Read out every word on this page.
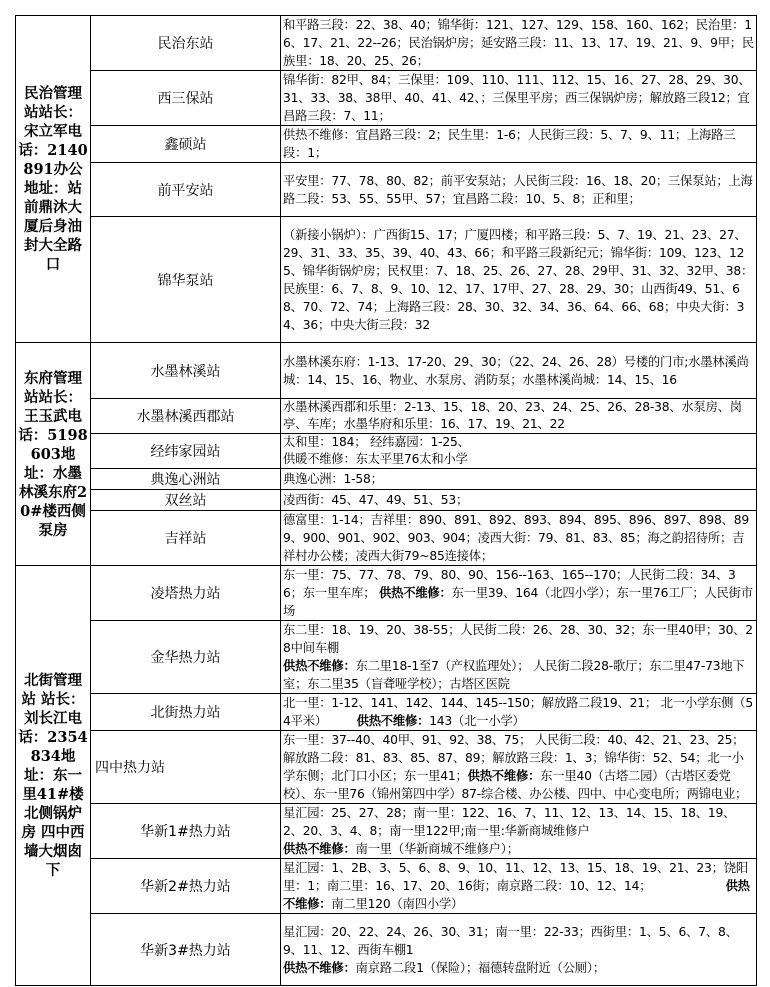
民治管理站站长：宋立军电话：2140891办公地址：站前鼎沐大厦后身油封大全路口	民治东站	和平路三段：22、38、40；锦华街：121、127、129、158、160、162；民治里：16、17、21、22--26；民治锅炉房；延安路三段：11、13、17、19、21、9、9甲；民族里：18、20、25、26；
	西三保站	锦华街：82甲、84；三保里：109、110、111、112、15、16、27、28、29、30、31、33、38、38甲、40、41、42、；三保里平房；西三保锅炉房；解放路三段12；宜昌路三段：7、11；
	鑫硕站	供热不维修：宜昌路三段：2；民生里：1-6；人民街三段：5、7、9、11；上海路三段：1；
	前平安站	平安里：77、78、80、82；前平安泵站；人民街三段：16、18、20；三保泵站；上海路二段：53、55、55甲、57；宜昌路二段：10、5、8；正和里；
	锦华泵站	（新接小锅炉）：广西街15、17；广厦四楼；和平路三段：5、7、19、21、23、27、29、31、33、35、39、40、43、66；和平路三段新纪元；锦华街：109、123、125、锦华街锅炉房；民权里：7、18、25、26、27、28、29甲、31、32、32甲、38：民族里：6、7、8、9、10、12、17、17甲、27、28、29、30；山西街49、51、68、70、72、74；上海路三段：28、30、32、34、36、64、66、68；中央大街：34、36；中央大街三段：32
东府管理站站长：王玉武电话：5198603地址：水墨林溪东府20#楼西侧泵房	水墨林溪站	水墨林溪东府：1-13、17-20、29、30；（22、24、26、28）号楼的门市;水墨林溪尚城：14、15、16、物业、水泵房、消防泵；水墨林溪尚城：14、15、16
	水墨林溪西郡站	水墨林溪西郡和乐里：2-13、15、18、20、23、24、25、26、28-38、水泵房、岗亭、车库；水墨华府和乐里：16、17、19、21、22
	经纬家园站	太和里：184； 经纬嘉园：1-25、
供暖不维修：东太平里76太和小学
	典逸心洲站	典逸心洲：1-58；
	双丝站	凌西街：45、47、49、51、53；
	吉祥站	德富里：1-14；吉祥里：890、891、892、893、894、895、896、897、898、899、900、901、902、903、904；凌西大街：79、81、83、85；海之韵招待所；吉祥村办公楼；凌西大街79~85连接体；
北街管理站 站长：刘长江电话：2354834地址：东一里41#楼北侧锅炉房 四中西墙大烟囱下	凌塔热力站	东一里：75、77、78、79、80、90、156--163、165--170；人民街二段：34、36；东一里车库； 供热不维修：东一里39、164（北四小学）；东一里76工厂；人民街市场
	金华热力站	东二里：18、19、20、38-55；人民街二段：26、28、30、32；东一里40甲；30、28中间车棚
供热不维修：东二里18-1至7（产权监理处）； 人民街二段28-歌厅；东二里47-73地下室；东二里35（盲聋哑学校）；古塔区医院
	北街热力站	北一里：1-12、141、142、144、145--150；解放路二段19、21； 北一小学东侧（54平米） 供热不维修：143（北一小学）
	四中热力站	东一里：37--40、40甲、91、92、38、75； 人民街二段：40、42、21、23、25；解放路二段：81、83、85、87、89；解放路三段：1、3；锦华街：52、54；北一小学东侧；北门口小区；东一里41；供热不维修：东一里40（古塔二园）（古塔区委党校）、东一里76（锦州第四中学）87-综合楼、办公楼、四中、中心变电所；两锦电业；
	华新1#热力站	星汇园：25、27、28；南一里：122、16、7、11、12、13、14、15、18、19、2、20、3、4、8；南一里122甲;南一里:华新商城维修户
供热不维修：南一里（华新商城不维修户）；
	华新2#热力站	星汇园：1、2B、3、5、6、8、9、10、11、12、13、15、18、19、21、23；饶阳里：1；南二里：16、17、20、16街；南京路二段：10、12、14； 供热不维修：南二里120（南四小学）
	华新3#热力站	星汇园：20、22、24、26、30、31；南一里：22-33；西街里：1、5、6、7、8、9、11、12、西街车棚1
供热不维修：南京路二段1（保险）；福德转盘附近（公厕）；
